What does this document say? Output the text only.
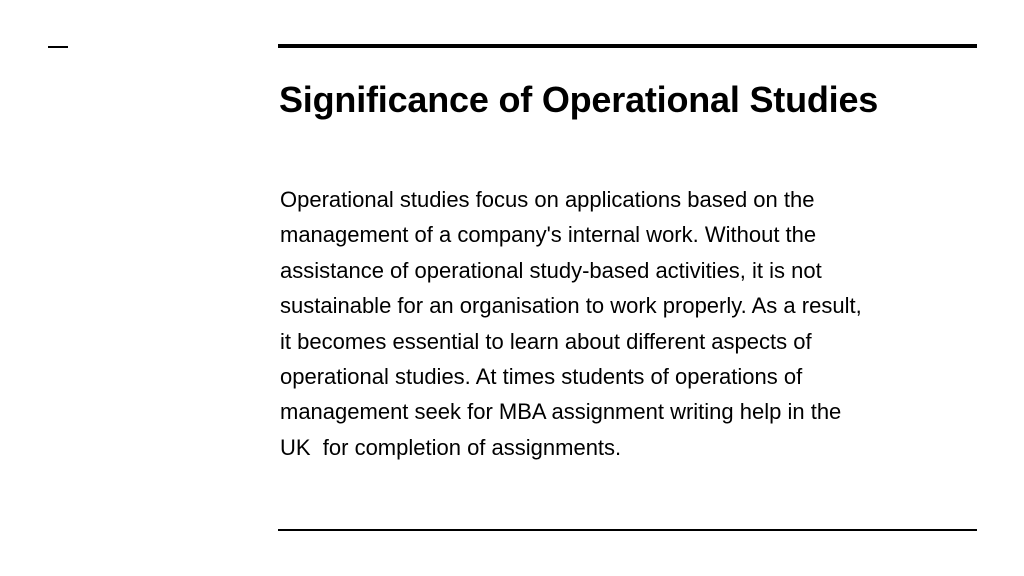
Significance of Operational Studies
Operational studies focus on applications based on the
management of a company's internal work. Without the
assistance of operational study-based activities, it is not
sustainable for an organisation to work properly. As a result,
it becomes essential to learn about different aspects of
operational studies. At times students of operations of
management seek for MBA assignment writing help in the
UK  for completion of assignments.
